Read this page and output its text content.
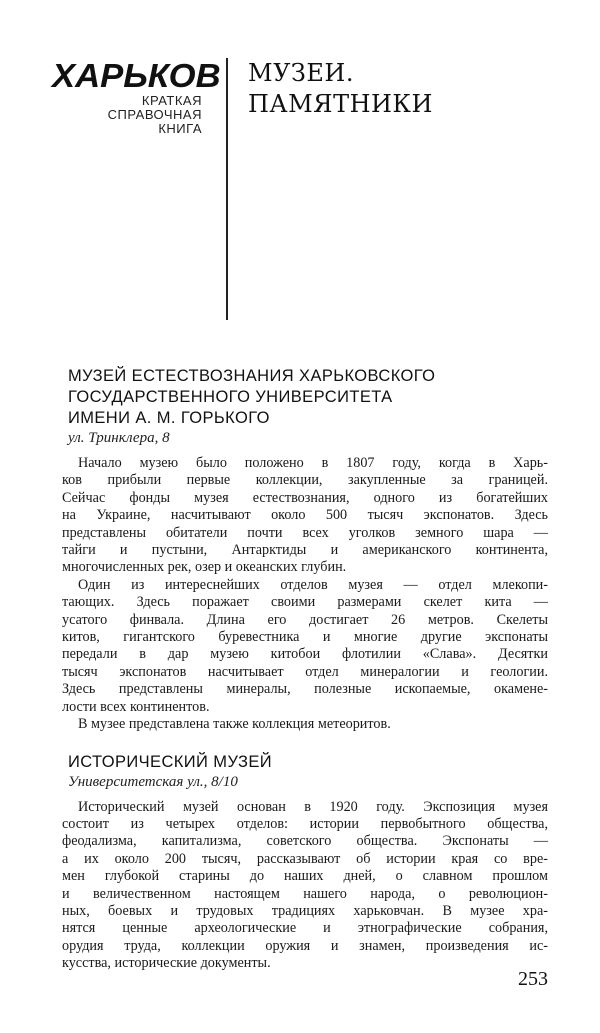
ХАРЬКОВ
КРАТКАЯ
СПРАВОЧНАЯ
КНИГА
МУЗЕИ.
ПАМЯТНИКИ
МУЗЕЙ ЕСТЕСТВОЗНАНИЯ ХАРЬКОВСКОГО
ГОСУДАРСТВЕННОГО УНИВЕРСИТЕТА
ИМЕНИ А. М. ГОРЬКОГО
ул. Тринклера, 8

Начало музею было положено в 1807 году, когда в Харь-
ков прибыли первые коллекции, закупленные за границей.
Сейчас фонды музея естествознания, одного из богатейших
на Украине, насчитывают около 500 тысяч экспонатов. Здесь
представлены обитатели почти всех уголков земного шара —
тайги и пустыни, Антарктиды и американского континента,
многочисленных рек, озер и океанских глубин.

Один из интереснейших отделов музея — отдел млекопи-
тающих. Здесь поражает своими размерами скелет кита —
усатого финвала. Длина его достигает 26 метров. Скелеты
китов, гигантского буревестника и многие другие экспонаты
передали в дар музею китобои флотилии «Слава». Десятки
тысяч экспонатов насчитывает отдел минералогии и геологии.
Здесь представлены минералы, полезные ископаемые, окамене-
лости всех континентов.

В музее представлена также коллекция метеоритов.

ИСТОРИЧЕСКИЙ МУЗЕЙ
Университетская ул., 8/10

Исторический музей основан в 1920 году. Экспозиция музея
состоит из четырех отделов: истории первобытного общества,
феодализма, капитализма, советского общества. Экспонаты —
а их около 200 тысяч, рассказывают об истории края со вре-
мен глубокой старины до наших дней, о славном прошлом
и величественном настоящем нашего народа, о революцион-
ных, боевых и трудовых традициях харьковчан. В музее хра-
нятся ценные археологические и этнографические собрания,
орудия труда, коллекции оружия и знамен, произведения ис-
кусства, исторические документы.

253
